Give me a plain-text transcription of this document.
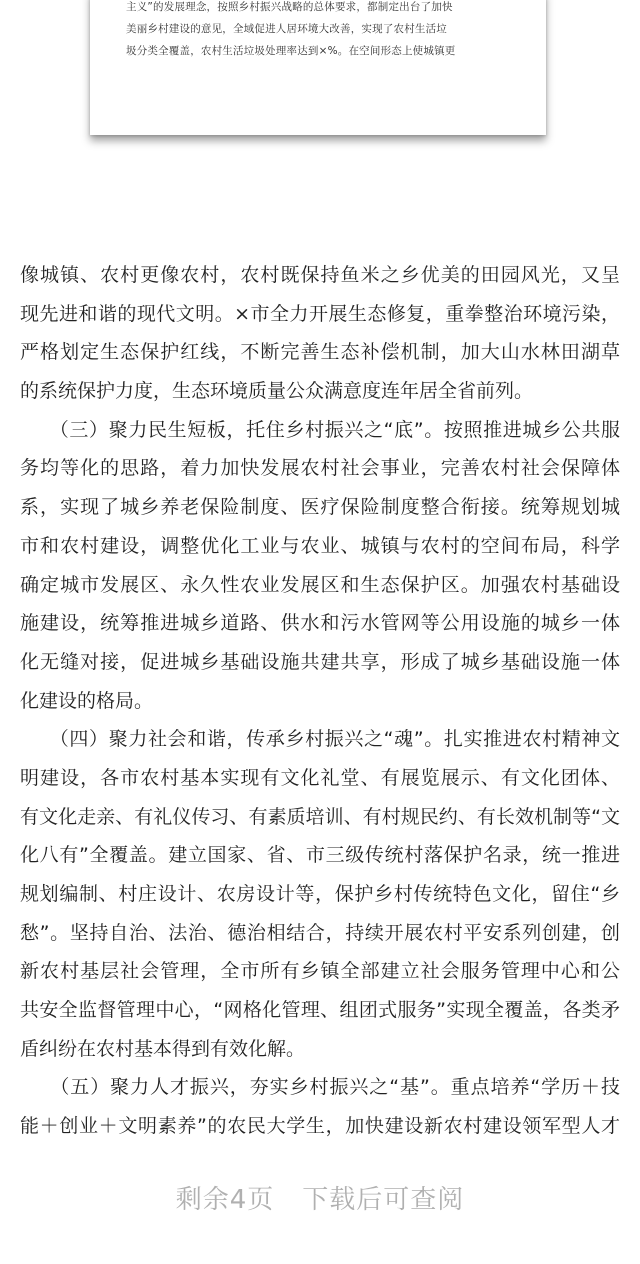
主义”的发展理念，按照乡村振兴战略的总体要求，都制定出台了加快
美丽乡村建设的意见，全域促进人居环境大改善，实现了农村生活垃
圾分类全覆盖，农村生活垃圾处理率达到×%。在空间形态上使城镇更
像城镇、农村更像农村，农村既保持鱼米之乡优美的田园风光，又呈
现先进和谐的现代文明。×市全力开展生态修复，重拳整治环境污染，
严格划定生态保护红线，不断完善生态补偿机制，加大山水林田湖草
的系统保护力度，生态环境质量公众满意度连年居全省前列。
　　（三）聚力民生短板，托住乡村振兴之“底”。按照推进城乡公共服
务均等化的思路，着力加快发展农村社会事业，完善农村社会保障体
系，实现了城乡养老保险制度、医疗保险制度整合衔接。统筹规划城
市和农村建设，调整优化工业与农业、城镇与农村的空间布局，科学
确定城市发展区、永久性农业发展区和生态保护区。加强农村基础设
施建设，统筹推进城乡道路、供水和污水管网等公用设施的城乡一体
化无缝对接，促进城乡基础设施共建共享，形成了城乡基础设施一体
化建设的格局。
　　（四）聚力社会和谐，传承乡村振兴之“魂”。扎实推进农村精神文
明建设，各市农村基本实现有文化礼堂、有展览展示、有文化团体、
有文化走亲、有礼仪传习、有素质培训、有村规民约、有长效机制等“文
化八有”全覆盖。建立国家、省、市三级传统村落保护名录，统一推进
规划编制、村庄设计、农房设计等，保护乡村传统特色文化，留住“乡
愁”。坚持自治、法治、德治相结合，持续开展农村平安系列创建，创
新农村基层社会管理，全市所有乡镇全部建立社会服务管理中心和公
共安全监督管理中心，“网格化管理、组团式服务”实现全覆盖，各类矛
盾纠纷在农村基本得到有效化解。
　　（五）聚力人才振兴，夯实乡村振兴之“基”。重点培养“学历＋技
能＋创业＋文明素养”的农民大学生，加快建设新农村建设领军型人才
剩余4页 下载后可查阅
